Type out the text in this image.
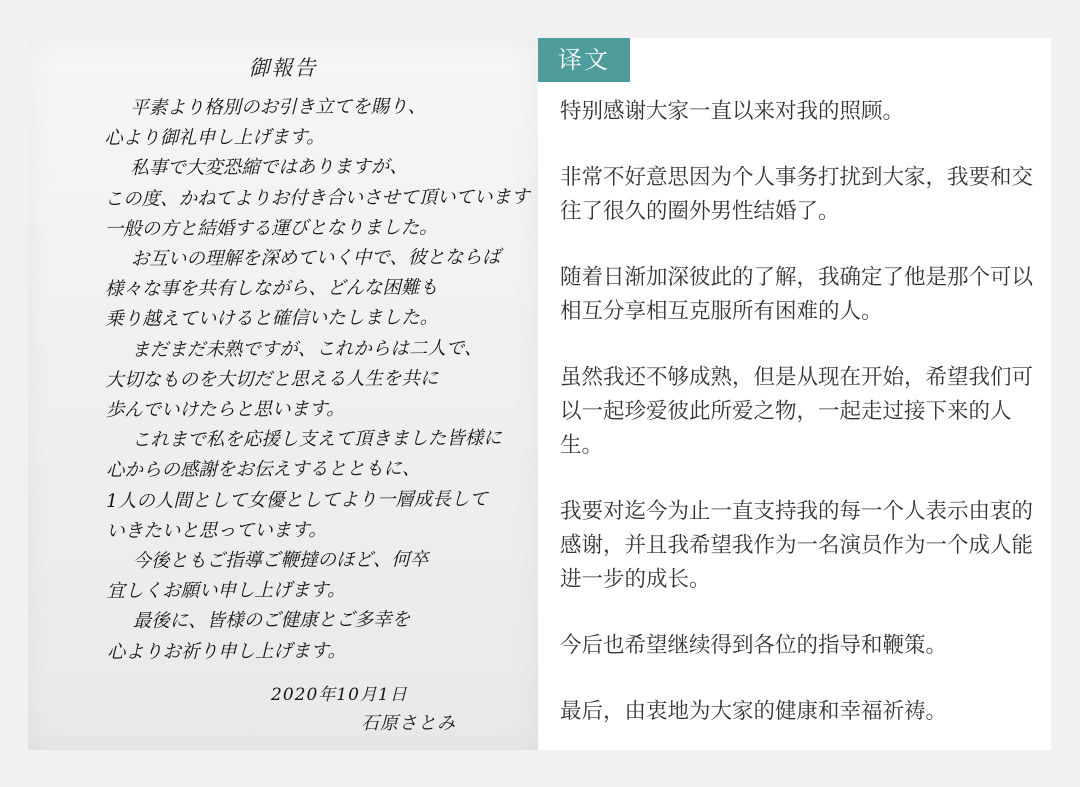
御報告
平素より格別のお引き立てを賜り、
心より御礼申し上げます。
私事で大変恐縮ではありますが、
この度、かねてよりお付き合いさせて頂いています
一般の方と結婚する運びとなりました。
お互いの理解を深めていく中で、彼とならば
様々な事を共有しながら、どんな困難も
乗り越えていけると確信いたしました。
まだまだ未熟ですが、これからは二人で、
大切なものを大切だと思える人生を共に
歩んでいけたらと思います。
これまで私を応援し支えて頂きました皆様に
心からの感謝をお伝えするとともに、
1人の人間として女優としてより一層成長して
いきたいと思っています。
今後ともご指導ご鞭撻のほど、何卒
宜しくお願い申し上げます。
最後に、皆様のご健康とご多幸を
心よりお祈り申し上げます。
2020年10月1日
石原さとみ
译文

特别感谢大家一直以来对我的照顾。

非常不好意思因为个人事务打扰到大家，我要和交往了很久的圈外男性结婚了。

随着日渐加深彼此的了解，我确定了他是那个可以相互分享相互克服所有困难的人。

虽然我还不够成熟，但是从现在开始，希望我们可以一起珍爱彼此所爱之物，一起走过接下来的人生。

我要对迄今为止一直支持我的每一个人表示由衷的感谢，并且我希望我作为一名演员作为一个成人能进一步的成长。

今后也希望继续得到各位的指导和鞭策。

最后，由衷地为大家的健康和幸福祈祷。
